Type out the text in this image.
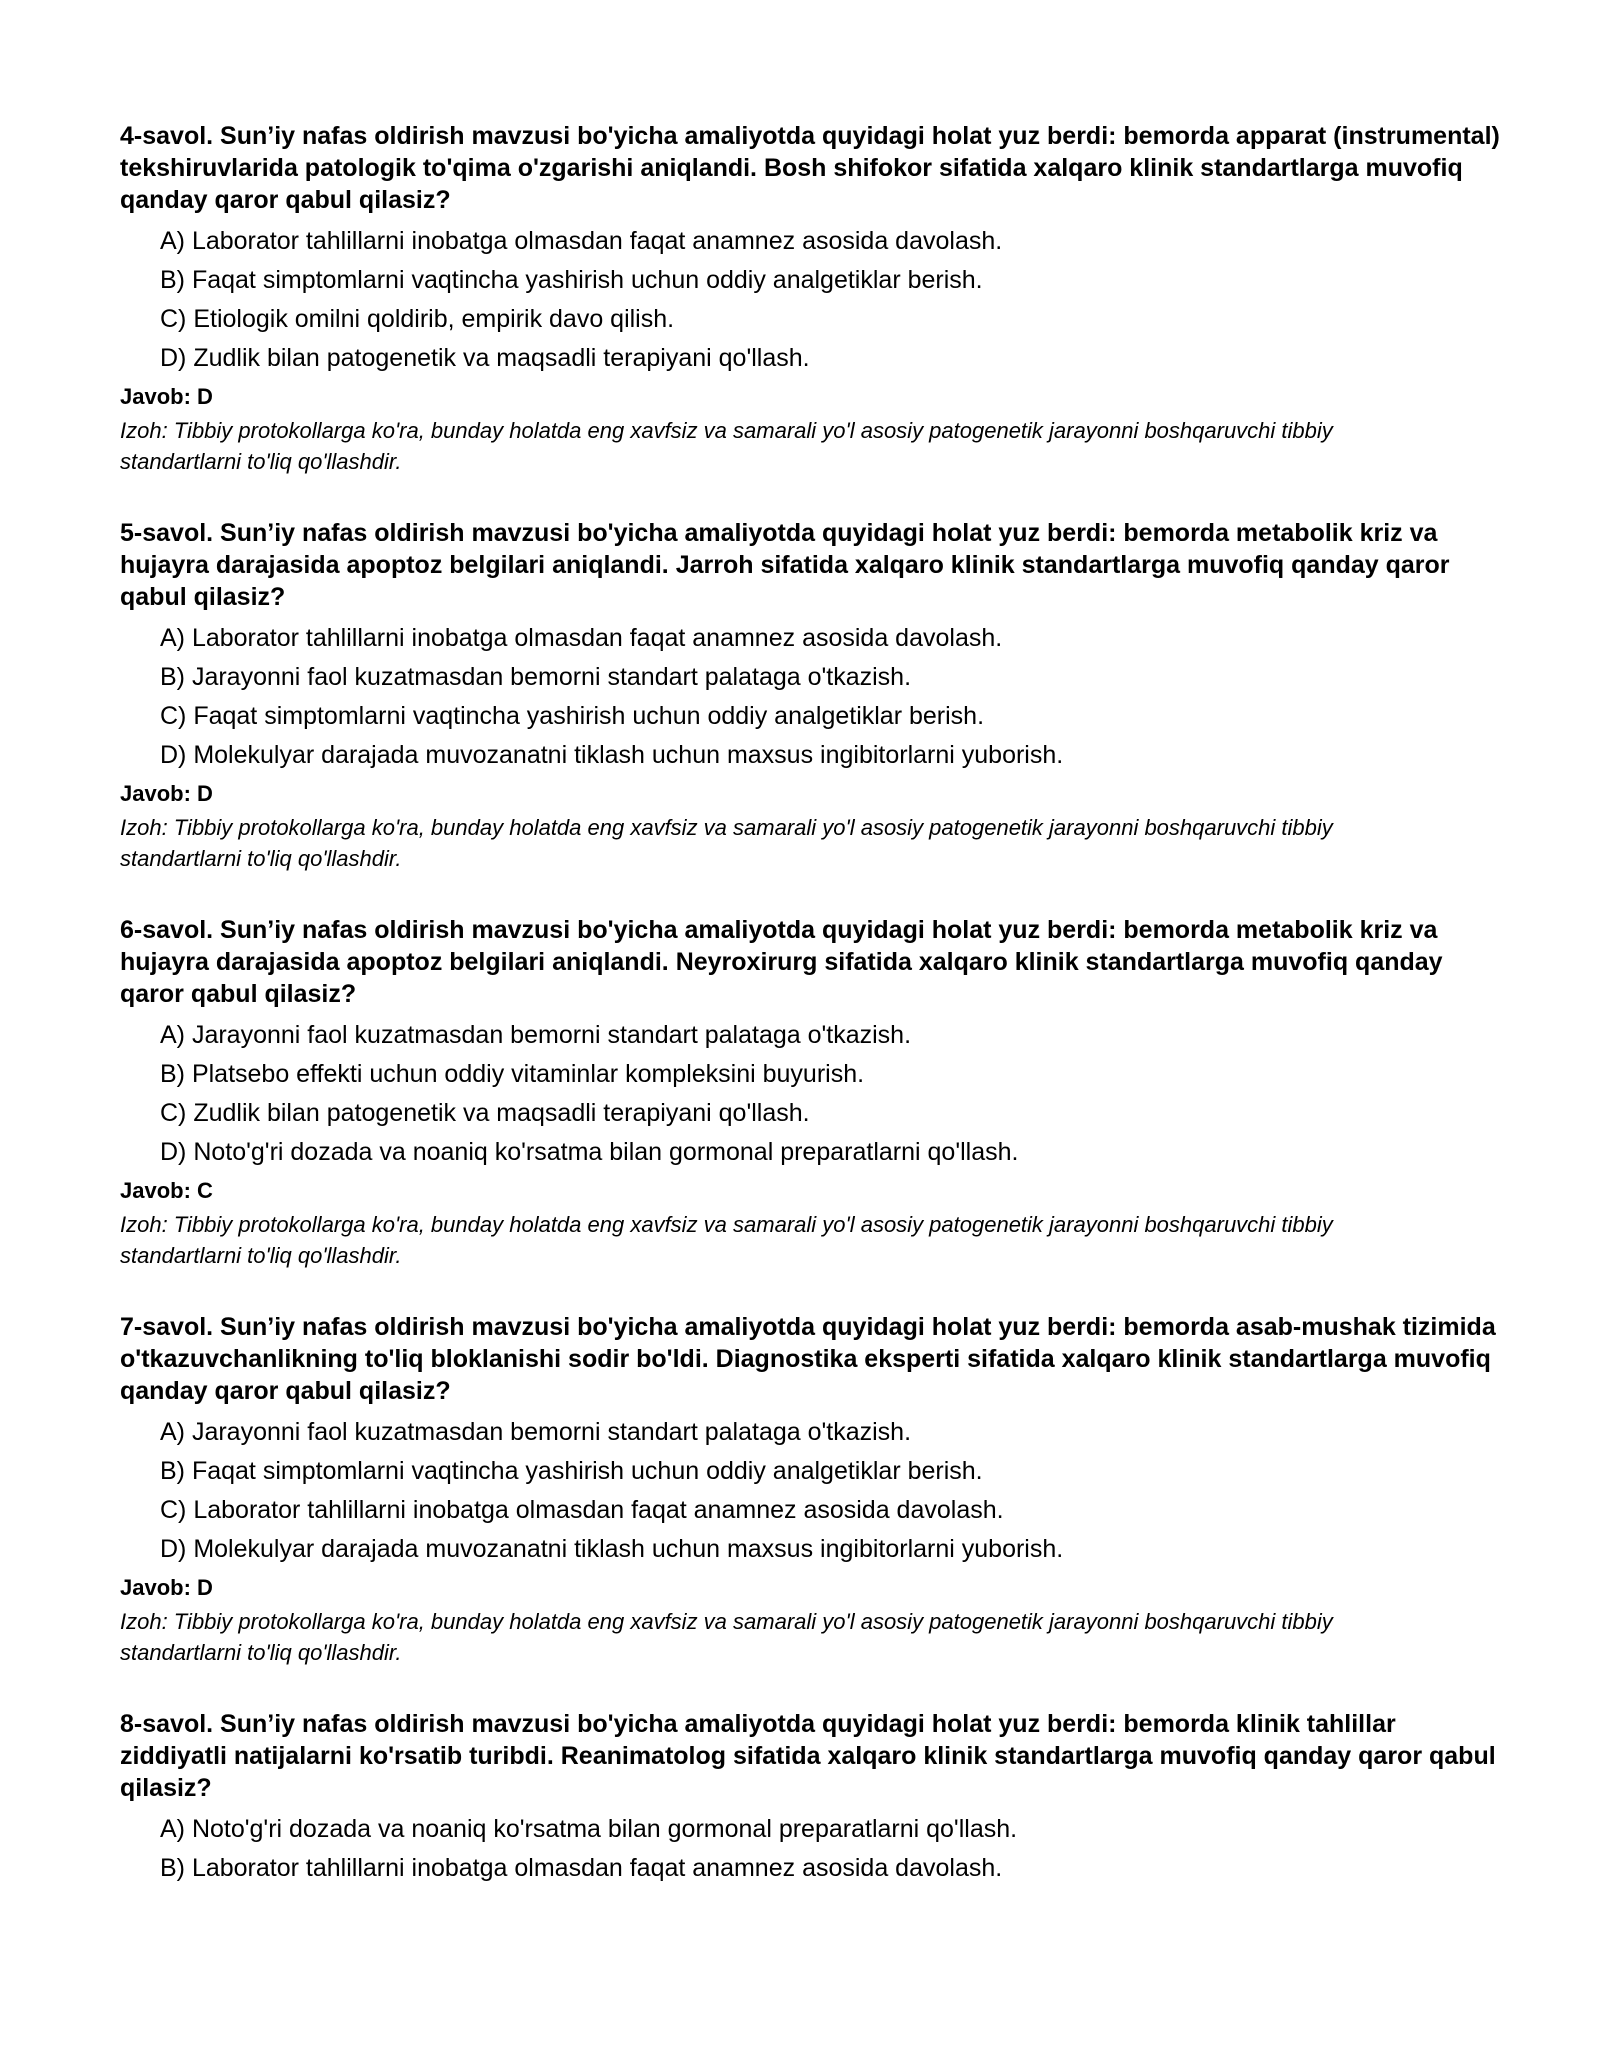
4-savol. Sun’iy nafas oldirish mavzusi bo'yicha amaliyotda quyidagi holat yuz berdi: bemorda apparat (instrumental) tekshiruvlarida patologik to'qima o'zgarishi aniqlandi. Bosh shifokor sifatida xalqaro klinik standartlarga muvofiq qanday qaror qabul qilasiz?

A) Laborator tahlillarni inobatga olmasdan faqat anamnez asosida davolash.
B) Faqat simptomlarni vaqtincha yashirish uchun oddiy analgetiklar berish.
C) Etiologik omilni qoldirib, empirik davo qilish.
D) Zudlik bilan patogenetik va maqsadli terapiyani qo'llash.

Javob: D

Izoh: Tibbiy protokollarga ko'ra, bunday holatda eng xavfsiz va samarali yo'l asosiy patogenetik jarayonni boshqaruvchi tibbiy standartlarni to'liq qo'llashdir.

5-savol. Sun’iy nafas oldirish mavzusi bo'yicha amaliyotda quyidagi holat yuz berdi: bemorda metabolik kriz va hujayra darajasida apoptoz belgilari aniqlandi. Jarroh sifatida xalqaro klinik standartlarga muvofiq qanday qaror qabul qilasiz?

A) Laborator tahlillarni inobatga olmasdan faqat anamnez asosida davolash.
B) Jarayonni faol kuzatmasdan bemorni standart palataga o'tkazish.
C) Faqat simptomlarni vaqtincha yashirish uchun oddiy analgetiklar berish.
D) Molekulyar darajada muvozanatni tiklash uchun maxsus ingibitorlarni yuborish.

Javob: D

Izoh: Tibbiy protokollarga ko'ra, bunday holatda eng xavfsiz va samarali yo'l asosiy patogenetik jarayonni boshqaruvchi tibbiy standartlarni to'liq qo'llashdir.

6-savol. Sun’iy nafas oldirish mavzusi bo'yicha amaliyotda quyidagi holat yuz berdi: bemorda metabolik kriz va hujayra darajasida apoptoz belgilari aniqlandi. Neyroxirurg sifatida xalqaro klinik standartlarga muvofiq qanday qaror qabul qilasiz?

A) Jarayonni faol kuzatmasdan bemorni standart palataga o'tkazish.
B) Platsebo effekti uchun oddiy vitaminlar kompleksini buyurish.
C) Zudlik bilan patogenetik va maqsadli terapiyani qo'llash.
D) Noto'g'ri dozada va noaniq ko'rsatma bilan gormonal preparatlarni qo'llash.

Javob: C

Izoh: Tibbiy protokollarga ko'ra, bunday holatda eng xavfsiz va samarali yo'l asosiy patogenetik jarayonni boshqaruvchi tibbiy standartlarni to'liq qo'llashdir.

7-savol. Sun’iy nafas oldirish mavzusi bo'yicha amaliyotda quyidagi holat yuz berdi: bemorda asab-mushak tizimida o'tkazuvchanlikning to'liq bloklanishi sodir bo'ldi. Diagnostika eksperti sifatida xalqaro klinik standartlarga muvofiq qanday qaror qabul qilasiz?

A) Jarayonni faol kuzatmasdan bemorni standart palataga o'tkazish.
B) Faqat simptomlarni vaqtincha yashirish uchun oddiy analgetiklar berish.
C) Laborator tahlillarni inobatga olmasdan faqat anamnez asosida davolash.
D) Molekulyar darajada muvozanatni tiklash uchun maxsus ingibitorlarni yuborish.

Javob: D

Izoh: Tibbiy protokollarga ko'ra, bunday holatda eng xavfsiz va samarali yo'l asosiy patogenetik jarayonni boshqaruvchi tibbiy standartlarni to'liq qo'llashdir.

8-savol. Sun’iy nafas oldirish mavzusi bo'yicha amaliyotda quyidagi holat yuz berdi: bemorda klinik tahlillar ziddiyatli natijalarni ko'rsatib turibdi. Reanimatolog sifatida xalqaro klinik standartlarga muvofiq qanday qaror qabul qilasiz?

A) Noto'g'ri dozada va noaniq ko'rsatma bilan gormonal preparatlarni qo'llash.
B) Laborator tahlillarni inobatga olmasdan faqat anamnez asosida davolash.
